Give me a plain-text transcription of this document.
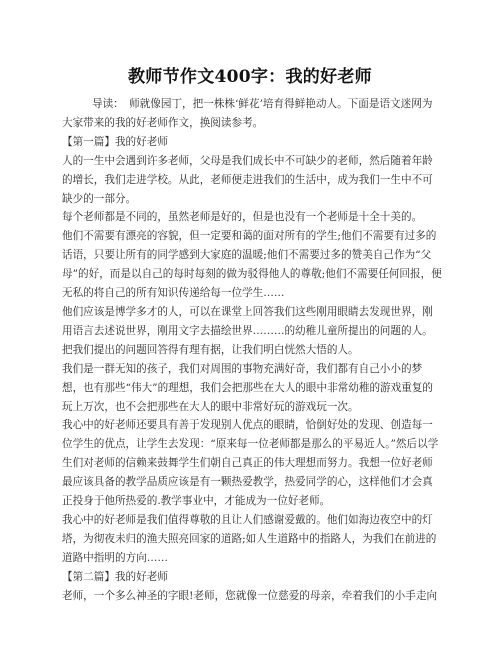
教师节作文400字：我的好老师

导读：　师就像园丁，把一株株‘鲜花’培育得鲜艳动人。下面是语文迷网为大家带来的我的好老师作文，换阅读参考。

【第一篇】我的好老师

人的一生中会遇到许多老师，父母是我们成长中不可缺少的老师，然后随着年龄的增长，我们走进学校。从此，老师便走进我们的生活中，成为我们一生中不可缺少的一部分。

每个老师都是不同的，虽然老师是好的，但是也没有一个老师是十全十美的。

他们不需要有漂亮的容貌，但一定要和蔼的面对所有的学生;他们不需要有过多的话语，只要让所有的同学感到大家庭的温暖;他们不需要过多的赞美自己作为“父母”的好，而是以自己的每时每刻的做为驳得他人的尊敬;他们不需要任何回报，便无私的将自己的所有知识传递给每一位学生……

他们应该是博学多才的人，可以在课堂上回答我们这些刚用眼睛去发现世界，刚用语言去述说世界，刚用文字去描绘世界………的幼稚儿童所提出的问题的人。把我们提出的问题回答得有理有据，让我们明白恍然大悟的人。

我们是一群无知的孩子，我们对周围的事物充满好奇，我们都有自己小小的梦想，也有那些“伟大”的理想，我们会把那些在大人的眼中非常幼稚的游戏重复的玩上万次，也不会把那些在大人的眼中非常好玩的游戏玩一次。

我心中的好老师还要具有善于发现别人优点的眼睛，恰倒好处的发现、创造每一位学生的优点，让学生去发现：“原来每一位老师都是那么的平易近人。”然后以学生们对老师的信赖来鼓舞学生们朝自己真正的伟大理想而努力。我想一位好老师最应该具备的教学品质应该是有一颗热爱教学，热爱同学的心，这样他们才会真正投身于他所热爱的.教学事业中，才能成为一位好老师。

我心中的好老师是我们值得尊敬的且让人们感谢爱戴的。他们如海边夜空中的灯塔，为彻夜未归的渔夫照亮回家的道路;如人生道路中的指路人，为我们在前进的道路中指明的方向……

【第二篇】我的好老师

老师，一个多么神圣的字眼!老师，您就像一位慈爱的母亲，牵着我们的小手走向
